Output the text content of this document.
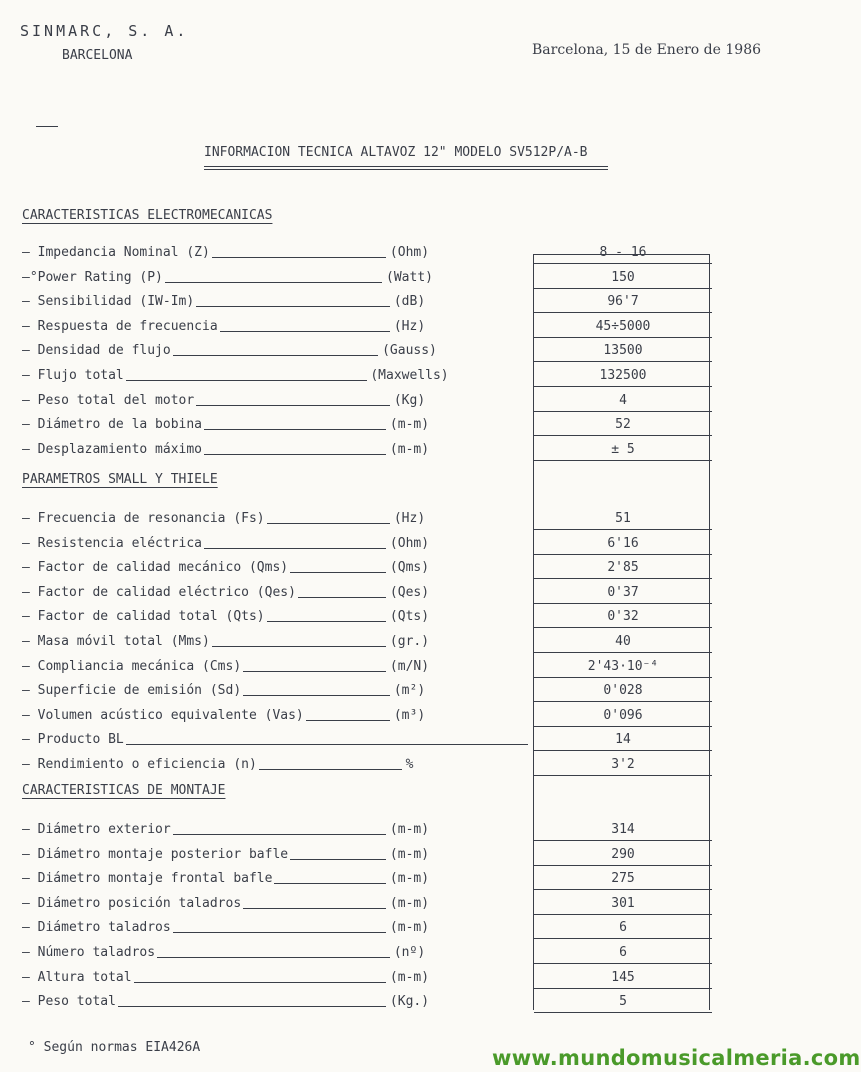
SINMARC, S. A.
BARCELONA	Barcelona, 15 de Enero de 1986
INFORMACION TECNICA ALTAVOZ 12" MODELO SV512P/A-B
CARACTERISTICAS ELECTROMECANICAS
PARAMETROS SMALL Y THIELE
CARACTERISTICAS DE MONTAJE
– Impedancia Nominal (Z)	(Ohm)	8 - 16
–°Power Rating (P)	(Watt)	150
– Sensibilidad (IW-Im)	(dB)	96'7
– Respuesta de frecuencia	(Hz)	45÷5000
– Densidad de flujo	(Gauss)	13500
– Flujo total	(Maxwells)	132500
– Peso total del motor	(Kg)	4
– Diámetro de la bobina	(m-m)	52
– Desplazamiento máximo	(m-m)	± 5
– Frecuencia de resonancia (Fs)	(Hz)	51
– Resistencia eléctrica	(Ohm)	6'16
– Factor de calidad mecánico (Qms)	(Qms)	2'85
– Factor de calidad eléctrico (Qes)	(Qes)	0'37
– Factor de calidad total (Qts)	(Qts)	0'32
– Masa móvil total (Mms)	(gr.)	40
– Compliancia mecánica (Cms)	(m/N)	2'43·10⁻⁴
– Superficie de emisión (Sd)	(m²)	0'028
– Volumen acústico equivalente (Vas)	(m³)	0'096
– Producto BL	14
– Rendimiento o eficiencia (n)	%	3'2
– Diámetro exterior	(m-m)	314
– Diámetro montaje posterior bafle	(m-m)	290
– Diámetro montaje frontal bafle	(m-m)	275
– Diámetro posición taladros	(m-m)	301
– Diámetro taladros	(m-m)	6
– Número taladros	(nº)	6
– Altura total	(m-m)	145
– Peso total	(Kg.)	5
° Según normas EIA426A	www.mundomusicalmeria.com
